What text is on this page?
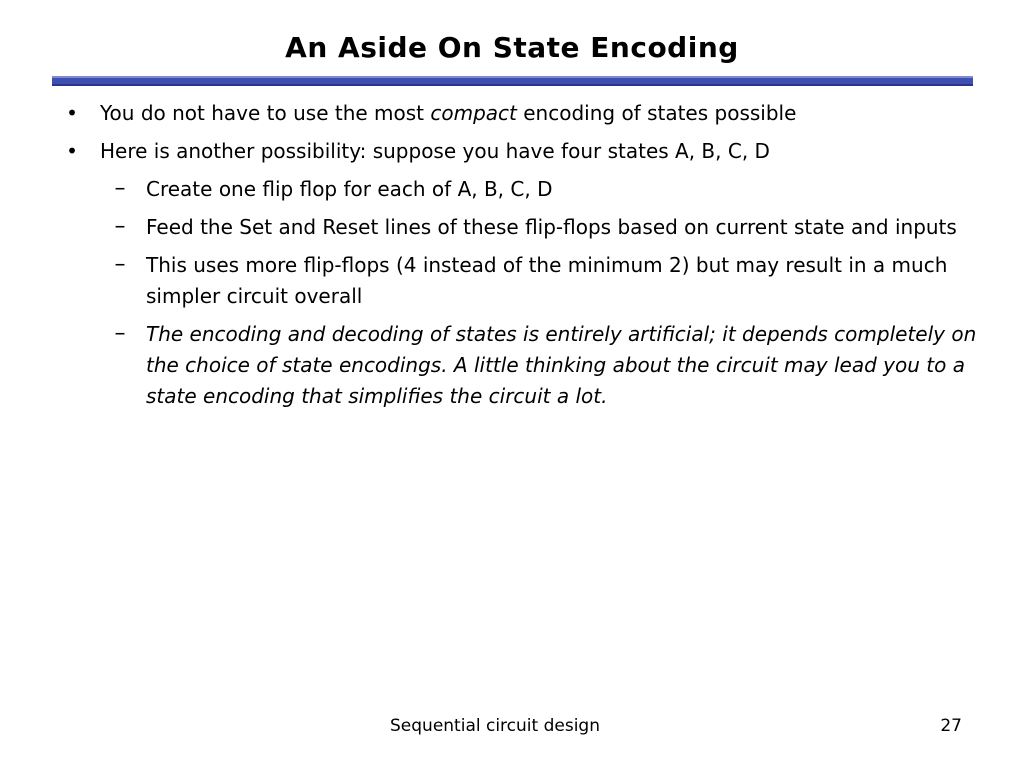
An Aside On State Encoding
• You do not have to use the most compact encoding of states possible
• Here is another possibility: suppose you have four states A, B, C, D
–	Create one flip flop for each of A, B, C, D
–	Feed the Set and Reset lines of these flip-flops based on current state and inputs
–	This uses more flip-flops (4 instead of the minimum 2) but may result in a much simpler circuit overall
–	The encoding and decoding of states is entirely artificial; it depends completely on the choice of state encodings. A little thinking about the circuit may lead you to a state encoding that simplifies the circuit a lot.
Sequential circuit design	27
